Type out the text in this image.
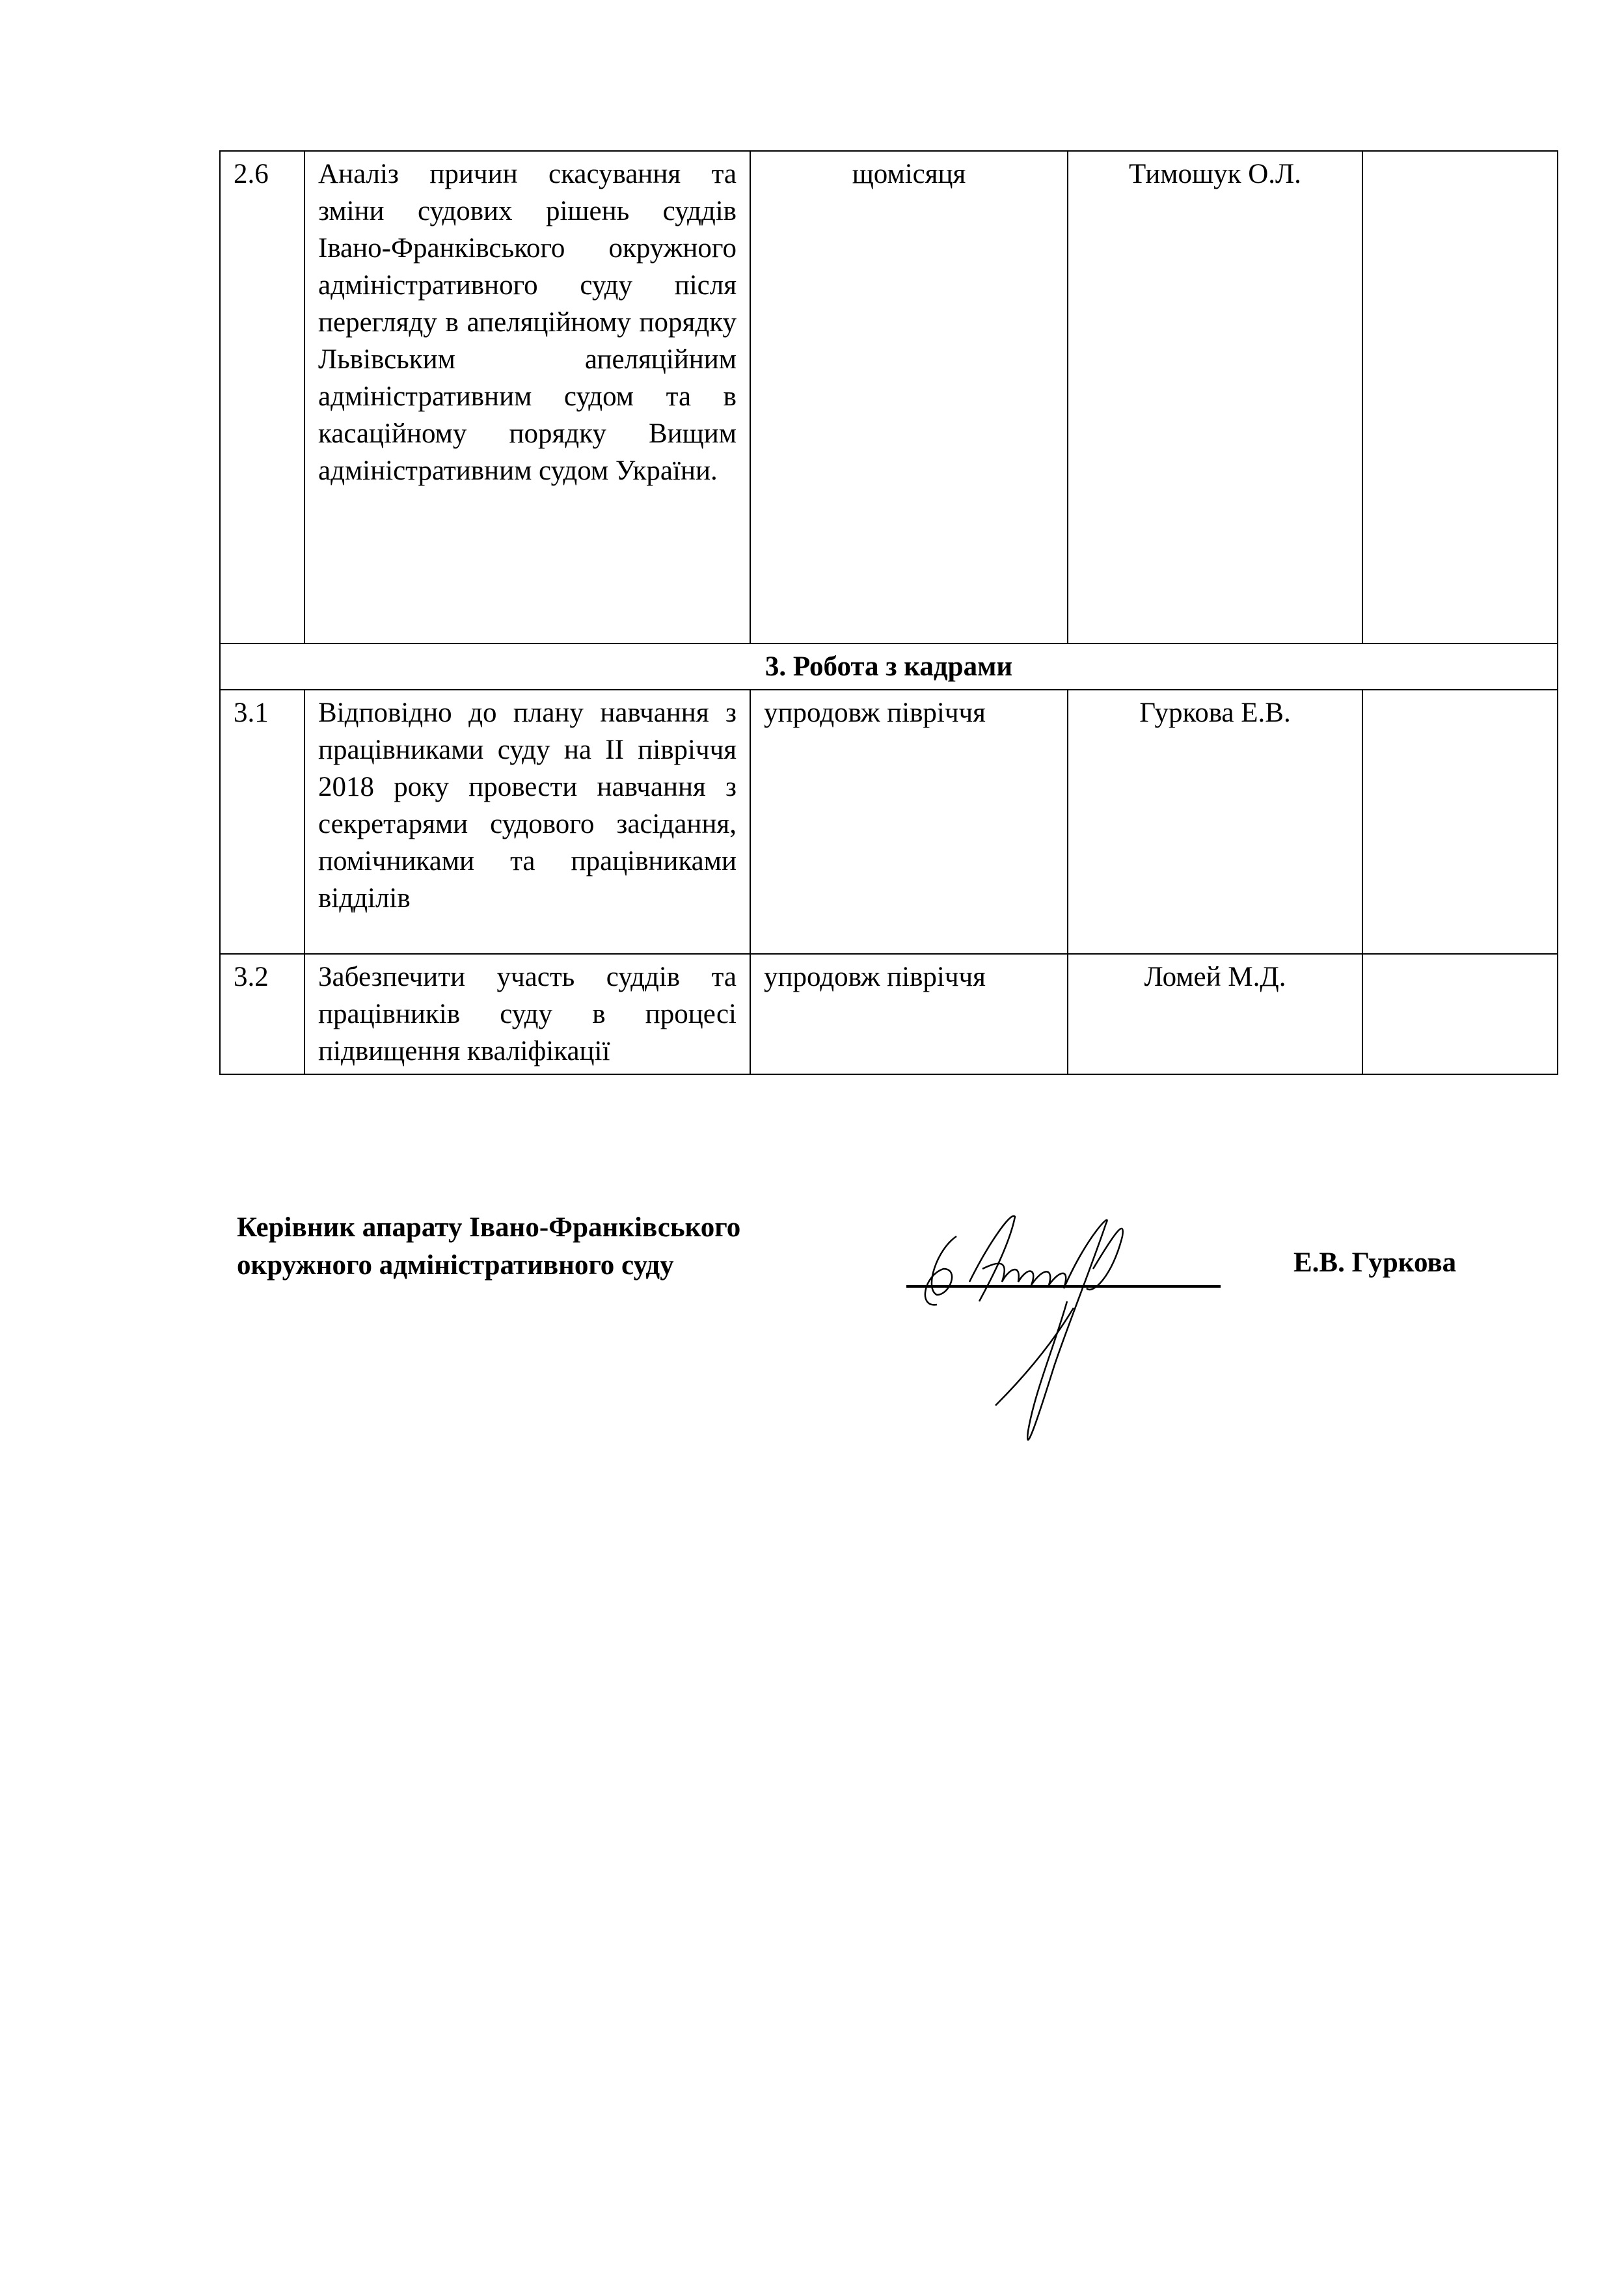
2.6	Аналіз причин скасування та зміни судових рішень суддів Івано-Франківського окружного адміністративного суду після перегляду в апеляційному порядку Львівським апеляційним адміністративним судом та в касаційному порядку Вищим адміністративним судом України.	щомісяця	Тимошук О.Л.	
3. Робота з кадрами				
3.1	Відповідно до плану навчання з працівниками суду на ІІ півріччя 2018 року провести навчання з секретарями судового засідання, помічниками та працівниками відділів	упродовж півріччя	Гуркова Е.В.	
3.2	Забезпечити участь суддів та працівників суду в процесі підвищення кваліфікації	упродовж півріччя	Ломей М.Д.	
Керівник апарату Івано-Франківського
окружного адміністративного суду	Е.В. Гуркова
